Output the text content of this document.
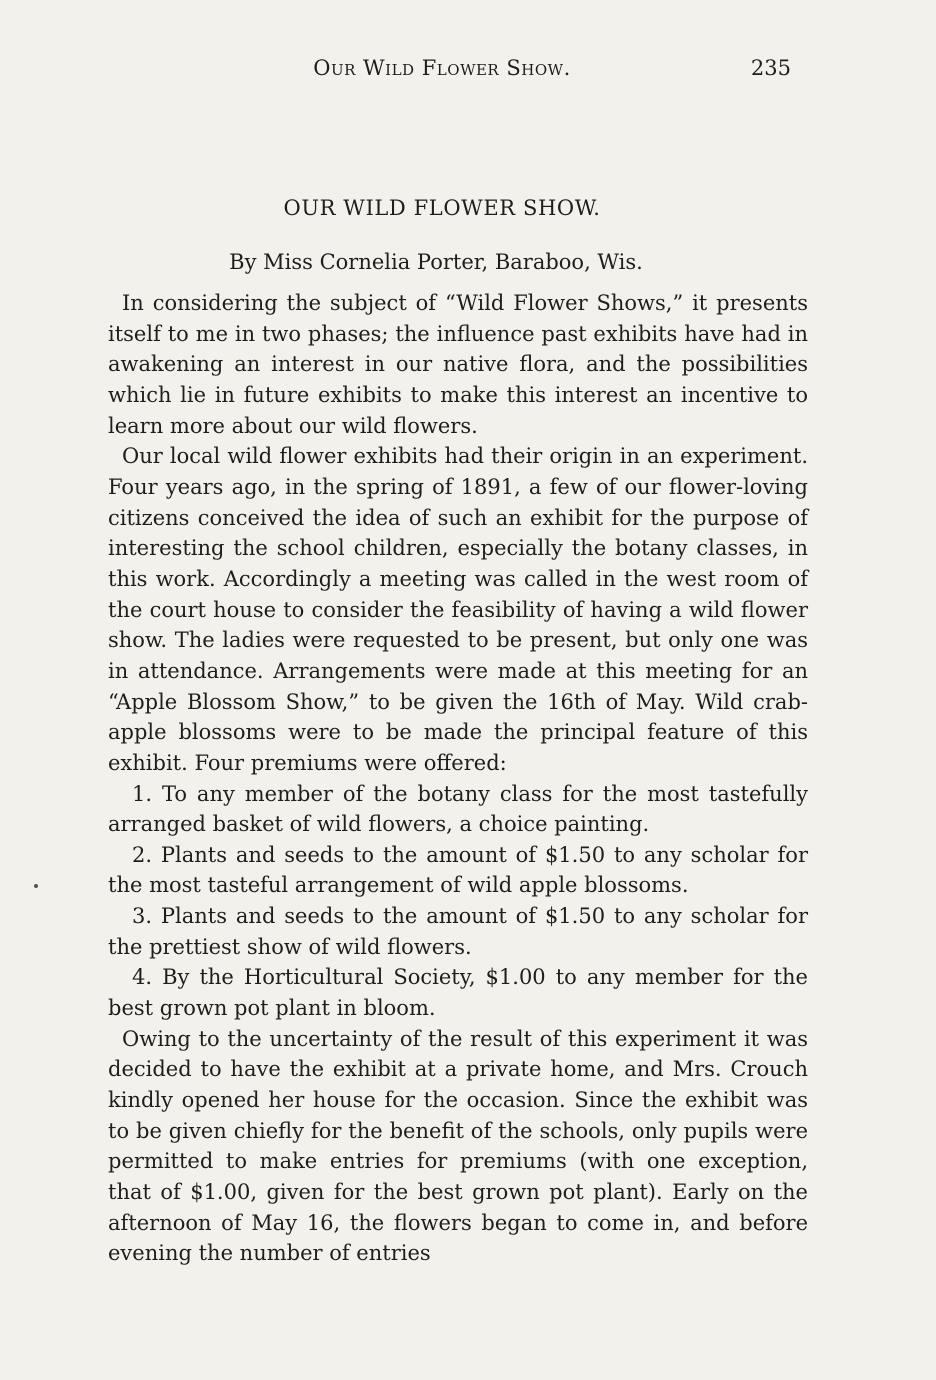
Our Wild Flower Show.	235
OUR WILD FLOWER SHOW.

By Miss Cornelia Porter, Baraboo, Wis.

In considering the subject of “Wild Flower Shows,” it presents itself to me in two phases; the influence past exhibits have had in awakening an interest in our native flora, and the possibilities which lie in future exhibits to make this interest an incentive to learn more about our wild flowers.

Our local wild flower exhibits had their origin in an experiment. Four years ago, in the spring of 1891, a few of our flower-loving citizens conceived the idea of such an exhibit for the purpose of interesting the school children, especially the botany classes, in this work. Accordingly a meeting was called in the west room of the court house to consider the feasibility of having a wild flower show. The ladies were requested to be present, but only one was in attendance. Arrangements were made at this meeting for an “Apple Blossom Show,” to be given the 16th of May. Wild crab-apple blossoms were to be made the principal feature of this exhibit. Four premiums were offered:

1. To any member of the botany class for the most tastefully arranged basket of wild flowers, a choice painting.

2. Plants and seeds to the amount of $1.50 to any scholar for the most tasteful arrangement of wild apple blossoms.

3. Plants and seeds to the amount of $1.50 to any scholar for the prettiest show of wild flowers.

4. By the Horticultural Society, $1.00 to any member for the best grown pot plant in bloom.

Owing to the uncertainty of the result of this experiment it was decided to have the exhibit at a private home, and Mrs. Crouch kindly opened her house for the occasion. Since the exhibit was to be given chiefly for the benefit of the schools, only pupils were permitted to make entries for premiums (with one exception, that of $1.00, given for the best grown pot plant). Early on the afternoon of May 16, the flowers began to come in, and before evening the number of entries
